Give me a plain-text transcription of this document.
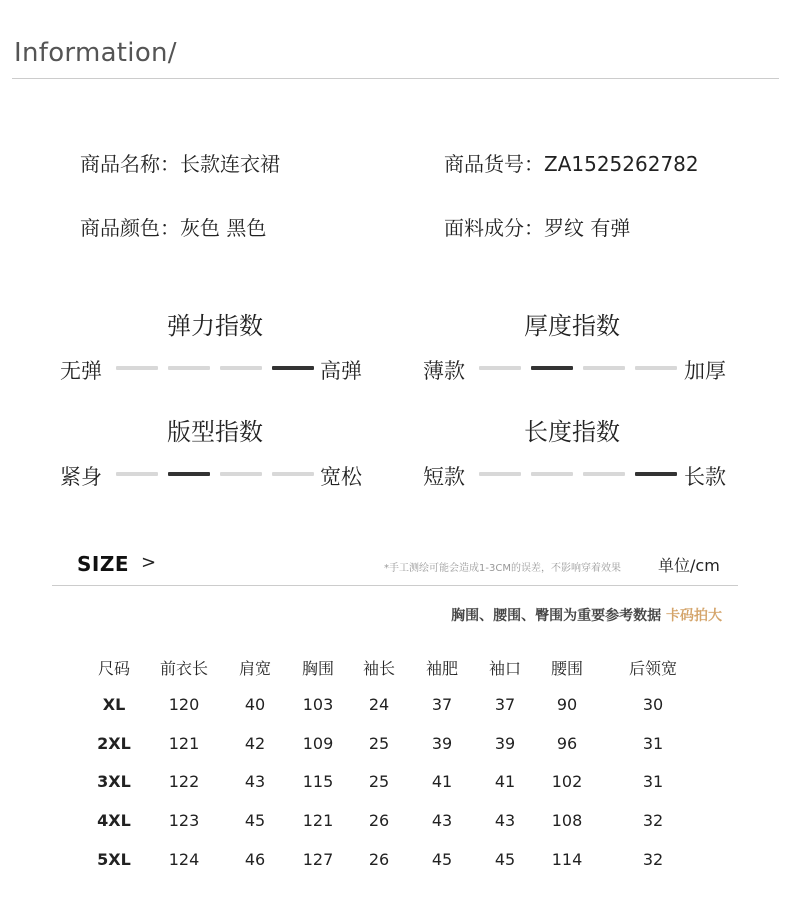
Information/
商品名称：长款连衣裙	商品货号：ZA1525262782
商品颜色：灰色 黑色	面料成分：罗纹 有弹
弹力指数
无弹	高弹
厚度指数
薄款	加厚
版型指数
紧身	宽松
长度指数
短款	长款
SIZE >	*手工测绘可能会造成1-3CM的误差，不影响穿着效果 单位/cm
胸围、腰围、臀围为重要参考数据 卡码拍大
尺码	前衣长	肩宽	胸围	袖长	袖肥	袖口	腰围	后领宽
XL	120	40	103	24	37	37	90	30
2XL	121	42	109	25	39	39	96	31
3XL	122	43	115	25	41	41	102	31
4XL	123	45	121	26	43	43	108	32
5XL	124	46	127	26	45	45	114	32
